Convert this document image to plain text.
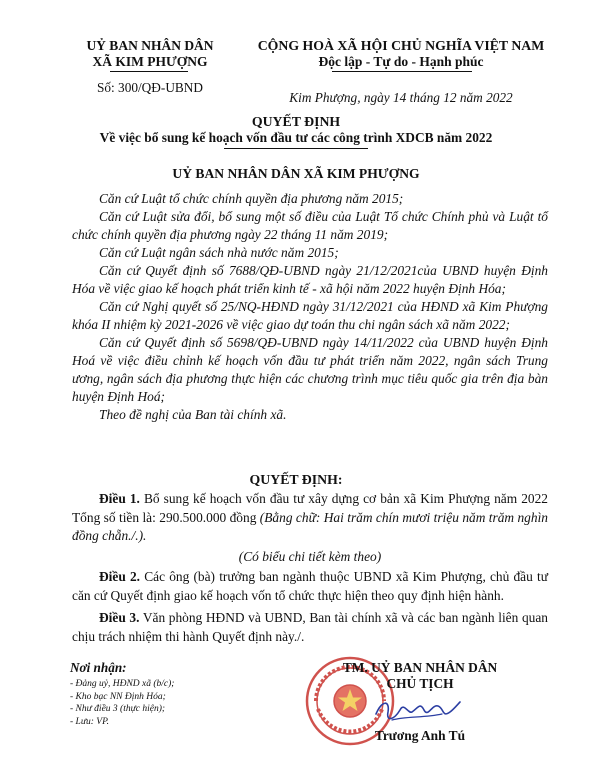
UỶ BAN NHÂN DÂN
XÃ KIM PHƯỢNG
Số: 300/QĐ-UBND
CỘNG HOÀ XÃ HỘI CHỦ NGHĨA VIỆT NAM
Độc lập - Tự do - Hạnh phúc
Kim Phượng, ngày 14 tháng 12 năm 2022
QUYẾT ĐỊNH
Về việc bổ sung kế hoạch vốn đầu tư các công trình XDCB năm 2022
UỶ BAN NHÂN DÂN XÃ KIM PHƯỢNG

Căn cứ Luật tổ chức chính quyền địa phương năm 2015;

Căn cứ Luật sửa đổi, bổ sung một số điều của Luật Tổ chức Chính phủ và Luật tổ chức chính quyền địa phương ngày 22 tháng 11 năm 2019;

Căn cứ Luật ngân sách nhà nước năm 2015;

Căn cứ Quyết định số 7688/QĐ-UBND ngày 21/12/2021của UBND huyện Định Hóa về việc giao kế hoạch phát triển kinh tế - xã hội năm 2022 huyện Định Hóa;

Căn cứ Nghị quyết số 25/NQ-HĐND ngày 31/12/2021 của HĐND xã Kim Phượng khóa II nhiệm kỳ 2021-2026 về việc giao dự toán thu chi ngân sách xã năm 2022;

Căn cứ Quyết định số 5698/QĐ-UBND ngày 14/11/2022 của UBND huyện Định Hoá về việc điều chỉnh kế hoạch vốn đầu tư phát triển năm 2022, ngân sách Trung ương, ngân sách địa phương thực hiện các chương trình mục tiêu quốc gia trên địa bàn huyện Định Hoá;

Theo đề nghị của Ban tài chính xã.

QUYẾT ĐỊNH:

Điều 1. Bổ sung kế hoạch vốn đầu tư xây dựng cơ bản xã Kim Phượng năm 2022 Tổng số tiền là: 290.500.000 đồng (Bằng chữ: Hai trăm chín mươi triệu năm trăm nghìn đồng chẵn./.).

(Có biểu chi tiết kèm theo)

Điều 2. Các ông (bà) trưởng ban ngành thuộc UBND xã Kim Phượng, chủ đầu tư căn cứ Quyết định giao kế hoạch vốn tổ chức thực hiện theo quy định hiện hành.

Điều 3. Văn phòng HĐND và UBND, Ban tài chính xã và các ban ngành liên quan chịu trách nhiệm thi hành Quyết định này./.

Nơi nhận:
- Đảng uỷ, HĐND xã (b/c);
- Kho bạc NN Định Hóa;
- Như điều 3 (thực hiện);
- Lưu: VP.
TM. UỶ BAN NHÂN DÂN
CHỦ TỊCH
Trương Anh Tú
